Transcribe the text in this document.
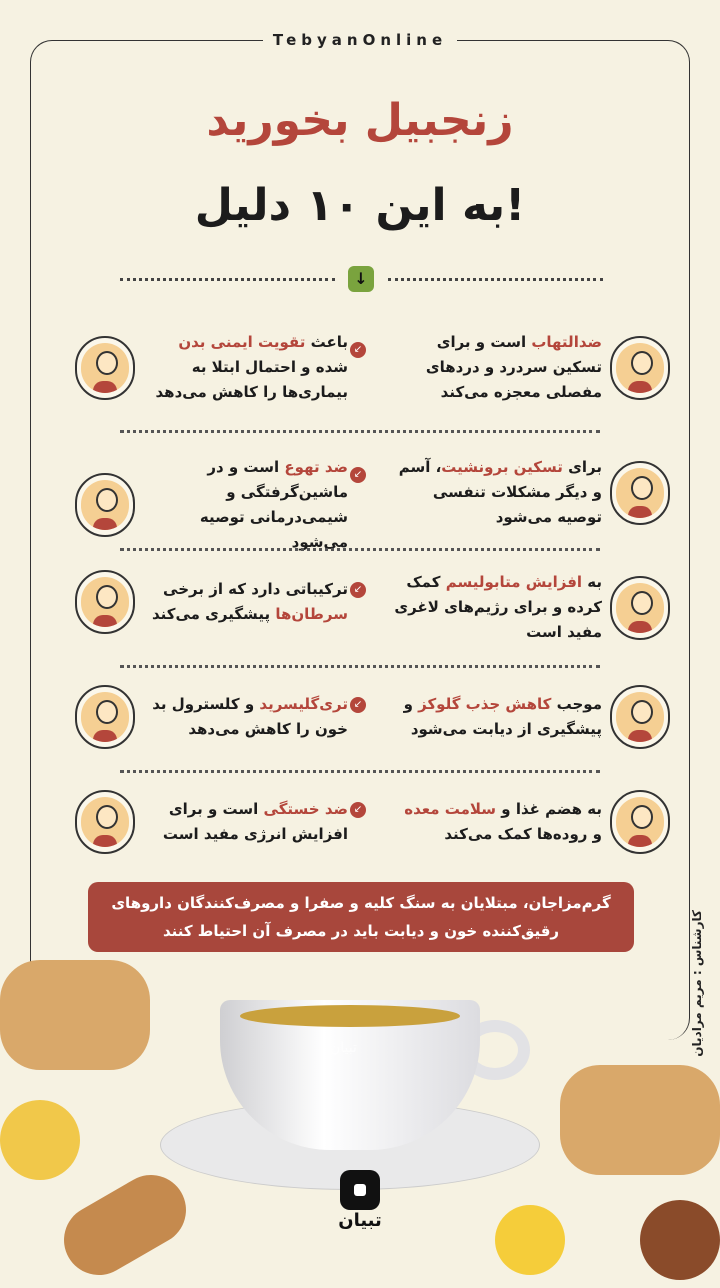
TebyanOnline
زنجبیل بخورید
به این ۱۰ دلیل!
↓
ضدالتهاب است و برای تسکین سردرد و دردهای مفصلی معجزه می‌کند
باعث تقویت ایمنی بدن شده و احتمال ابتلا به بیماری‌ها را کاهش می‌دهد
↙
برای تسکین برونشیت، آسم و دیگر مشکلات تنفسی توصیه می‌شود
ضد تهوع است و در ماشین‌گرفتگی و شیمی‌درمانی توصیه می‌شود
↙
به افزایش متابولیسم کمک کرده و برای رژیم‌های لاغری مفید است
ترکیباتی دارد که از برخی سرطان‌ها پیشگیری می‌کند
↙
موجب کاهش جذب گلوکز و پیشگیری از دیابت می‌شود
تری‌گلیسرید و کلسترول بد خون را کاهش می‌دهد
↙
به هضم غذا و سلامت معده و روده‌ها کمک می‌کند
ضد خستگی است و برای افزایش انرژی مفید است
↙
گرم‌مزاجان، مبتلایان به سنگ کلیه و صفرا و مصرف‌کنندگان داروهای رقیق‌کننده خون و دیابت باید در مصرف آن احتیاط کنند	کارشناس : مریم مرادیان
تبیان
تبیان
